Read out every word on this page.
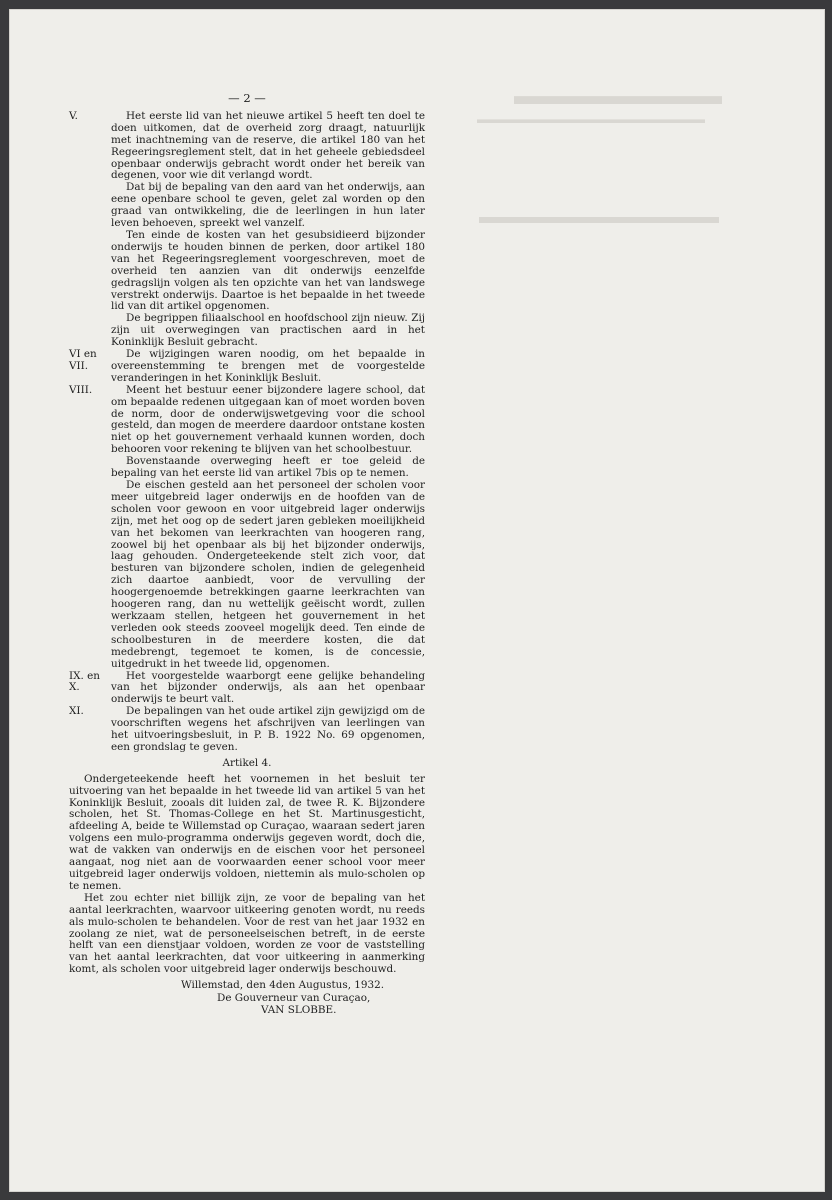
▬▬▬▬▬▬▬▬
▬▬▬▬▬▬▬▬▬▬▬▬▬▬▬▬▬▬▬
▬▬▬▬▬▬▬▬▬▬▬▬
— 2 —
V.	Het eerste lid van het nieuwe artikel 5 heeft ten doel te doen uitkomen, dat de overheid zorg draagt, natuurlijk met inachtneming van de reserve, die artikel 180 van het Regeeringsreglement stelt, dat in het geheele gebiedsdeel openbaar onderwijs gebracht wordt onder het bereik van degenen, voor wie dit verlangd wordt.

Dat bij de bepaling van den aard van het onderwijs, aan eene openbare school te geven, gelet zal worden op den graad van ontwikkeling, die de leerlingen in hun later leven behoeven, spreekt wel vanzelf.

Ten einde de kosten van het gesubsidieerd bijzonder onderwijs te houden binnen de perken, door artikel 180 van het Regeeringsreglement voorgeschreven, moet de overheid ten aanzien van dit onderwijs eenzelfde gedragslijn volgen als ten opzichte van het van landswege verstrekt onderwijs. Daartoe is het bepaalde in het tweede lid van dit artikel opgenomen.

De begrippen filiaalschool en hoofdschool zijn nieuw. Zij zijn uit overwegingen van practischen aard in het Koninklijk Besluit gebracht.

VI en
VII.

De wijzigingen waren noodig, om het bepaalde in overeenstemming te brengen met de voorgestelde veranderingen in het Koninklijk Besluit.

VIII.	Meent het bestuur eener bijzondere lagere school, dat om bepaalde redenen uitgegaan kan of moet worden boven de norm, door de onderwijswetgeving voor die school gesteld, dan mogen de meerdere daardoor ontstane kosten niet op het gouvernement verhaald kunnen worden, doch behooren voor rekening te blijven van het schoolbestuur.

Bovenstaande overweging heeft er toe geleid de bepaling van het eerste lid van artikel 7bis op te nemen.

De eischen gesteld aan het personeel der scholen voor meer uitgebreid lager onderwijs en de hoofden van de scholen voor gewoon en voor uitgebreid lager onderwijs zijn, met het oog op de sedert jaren gebleken moeilijkheid van het bekomen van leerkrachten van hoogeren rang, zoowel bij het openbaar als bij het bijzonder onderwijs, laag gehouden. Ondergeteekende stelt zich voor, dat besturen van bijzondere scholen, indien de gelegenheid zich daartoe aanbiedt, voor de vervulling der hoogergenoemde betrekkingen gaarne leerkrachten van hoogeren rang, dan nu wettelijk geëischt wordt, zullen werkzaam stellen, hetgeen het gouvernement in het verleden ook steeds zooveel mogelijk deed. Ten einde de schoolbesturen in de meerdere kosten, die dat medebrengt, tegemoet te komen, is de concessie, uitgedrukt in het tweede lid, opgenomen.

IX. en
X.

Het voorgestelde waarborgt eene gelijke behandeling van het bijzonder onderwijs, als aan het openbaar onderwijs te beurt valt.

XI.	De bepalingen van het oude artikel zijn gewijzigd om de voorschriften wegens het afschrijven van leerlingen van het uitvoeringsbesluit, in P. B. 1922 No. 69 opgenomen, een grondslag te geven.

Artikel 4.

Ondergeteekende heeft het voornemen in het besluit ter uitvoering van het bepaalde in het tweede lid van artikel 5 van het Koninklijk Besluit, zooals dit luiden zal, de twee R. K. Bijzondere scholen, het St. Thomas-College en het St. Martinusgesticht, afdeeling A, beide te Willemstad op Curaçao, waaraan sedert jaren volgens een mulo-programma onderwijs gegeven wordt, doch die, wat de vakken van onderwijs en de eischen voor het personeel aangaat, nog niet aan de voorwaarden eener school voor meer uitgebreid lager onderwijs voldoen, niettemin als mulo-scholen op te nemen.

Het zou echter niet billijk zijn, ze voor de bepaling van het aantal leerkrachten, waarvoor uitkeering genoten wordt, nu reeds als mulo-scholen te behandelen. Voor de rest van het jaar 1932 en zoolang ze niet, wat de personeelseischen betreft, in de eerste helft van een dienstjaar voldoen, worden ze voor de vaststelling van het aantal leerkrachten, dat voor uitkeering in aanmerking komt, als scholen voor uitgebreid lager onderwijs beschouwd.

Willemstad, den 4den Augustus, 1932.
De Gouverneur van Curaçao,
VAN SLOBBE.
